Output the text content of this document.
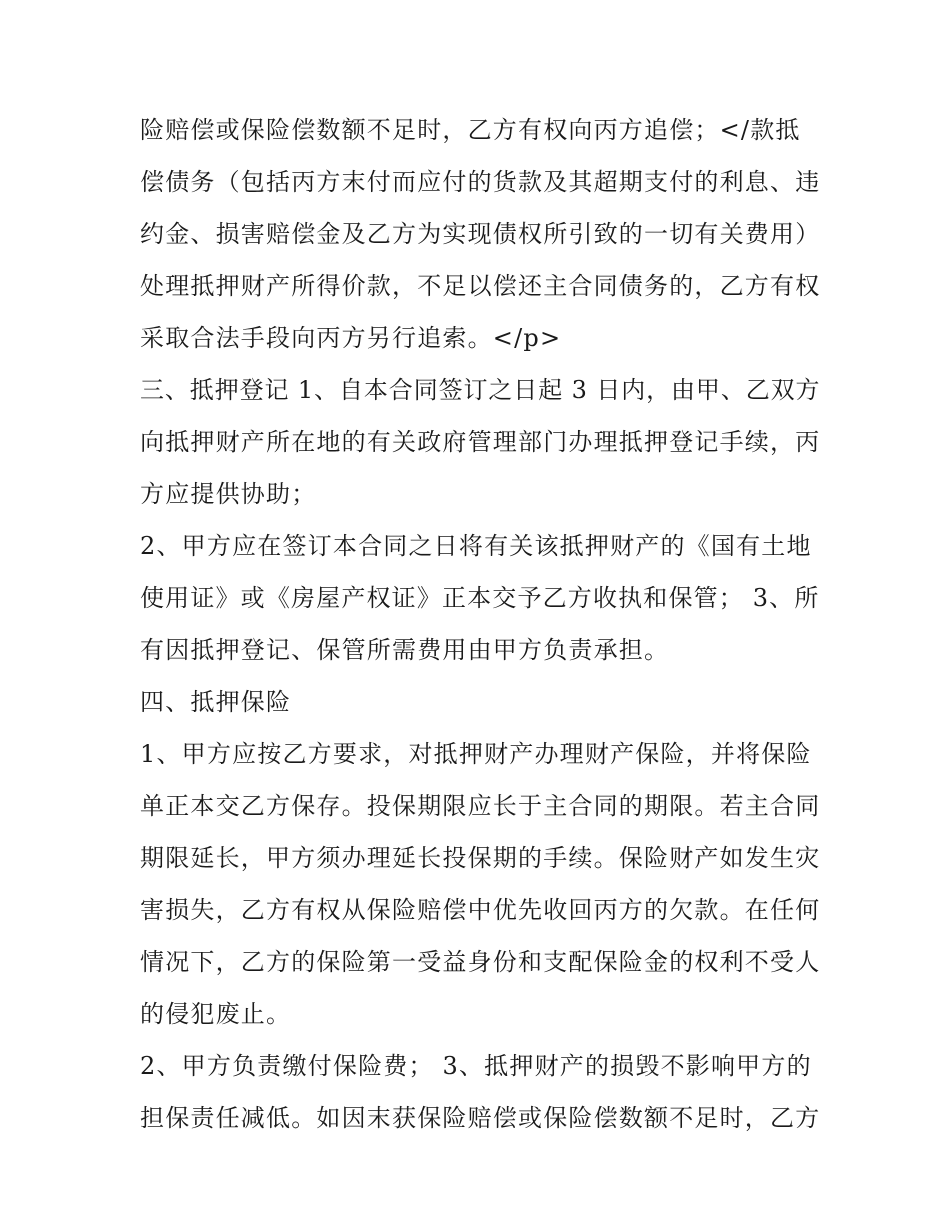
险赔偿或保险偿数额不足时，乙方有权向丙方追偿；</款抵
偿债务（包括丙方末付而应付的货款及其超期支付的利息、违
约金、损害赔偿金及乙方为实现债权所引致的一切有关费用）
处理抵押财产所得价款，不足以偿还主合同债务的，乙方有权
采取合法手段向丙方另行追索。</p>
三、抵押登记 1、自本合同签订之日起 3 日内，由甲、乙双方
向抵押财产所在地的有关政府管理部门办理抵押登记手续，丙
方应提供协助；
2、甲方应在签订本合同之日将有关该抵押财产的《国有土地
使用证》或《房屋产权证》正本交予乙方收执和保管； 3、所
有因抵押登记、保管所需费用由甲方负责承担。
四、抵押保险
1、甲方应按乙方要求，对抵押财产办理财产保险，并将保险
单正本交乙方保存。投保期限应长于主合同的期限。若主合同
期限延长，甲方须办理延长投保期的手续。保险财产如发生灾
害损失，乙方有权从保险赔偿中优先收回丙方的欠款。在任何
情况下，乙方的保险第一受益身份和支配保险金的权利不受人
的侵犯废止。
2、甲方负责缴付保险费； 3、抵押财产的损毁不影响甲方的
担保责任减低。如因末获保险赔偿或保险偿数额不足时，乙方
